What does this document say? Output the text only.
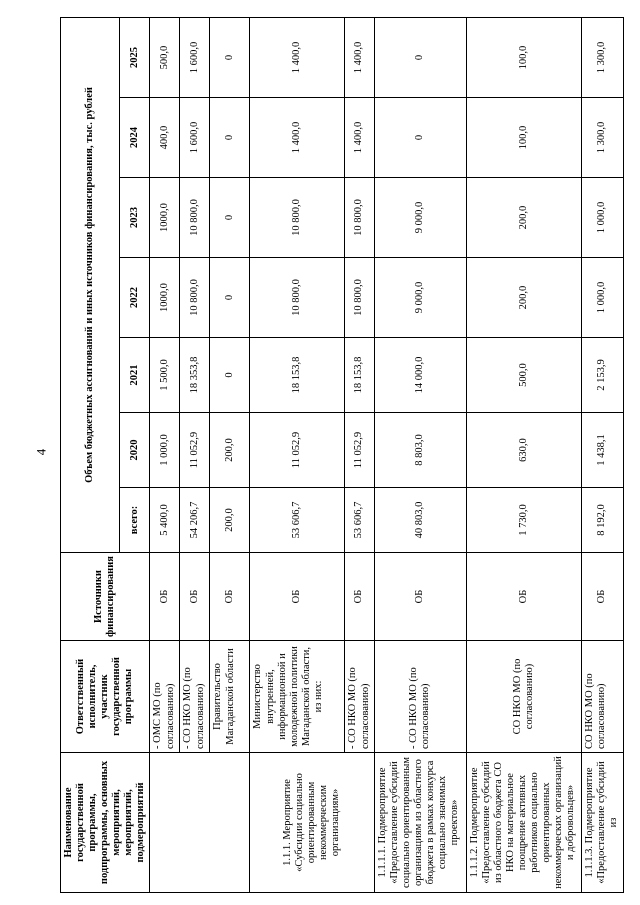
4
Наименование государственной программы, подпрограммы, основных мероприятий, мероприятий, подмероприятий	Ответственный исполнитель, участник государственной программы	Источники финансирования	Объем бюджетных ассигнований и иных источников финансирования, тыс. рублей						
			всего:	2020	2021	2022	2023	2024	2025
	- ОМС МО (по согласованию)	ОБ	5 400,0	1 000,0	1 500,0	1000,0	1000,0	400,0	500,0
	- СО НКО МО (по согласованию)	ОБ	54 206,7	11 052,9	18 353,8	10 800,0	10 800,0	1 600,0	1 600,0
	Правительство Магаданской области	ОБ	200,0	200,0	0	0	0	0	0
1.1.1. Мероприятие «Субсидии социально ориентированным некоммерческим организациям»	Министерство внутренней, информационной и молодежной политики Магаданской области, из них:	ОБ	53 606,7	11 052,9	18 153,8	10 800,0	10 800,0	1 400,0	1 400,0
	- СО НКО МО (по согласованию)	ОБ	53 606,7	11 052,9	18 153,8	10 800,0	10 800,0	1 400,0	1 400,0
1.1.1.1. Подмероприятие «Предоставление субсидий социально ориентированным организациям из областного бюджета в рамках конкурса социально значимых проектов»	- СО НКО МО (по согласованию)	ОБ	40 803,0	8 803,0	14 000,0	9 000,0	9 000,0	0	0
1.1.1.2. Подмероприятие «Предоставление субсидий из областного бюджета СО НКО на материальное поощрение активных работников социально ориентированных некоммерческих организаций и добровольцев»	СО НКО МО (по согласованию)	ОБ	1 730,0	630,0	500,0	200,0	200,0	100,0	100,0
1.1.1.3. Подмероприятие «Предоставление субсидий из	СО НКО МО (по согласованию)	ОБ	8 192,0	1 438,1	2 153,9	1 000,0	1 000,0	1 300,0	1 300,0
